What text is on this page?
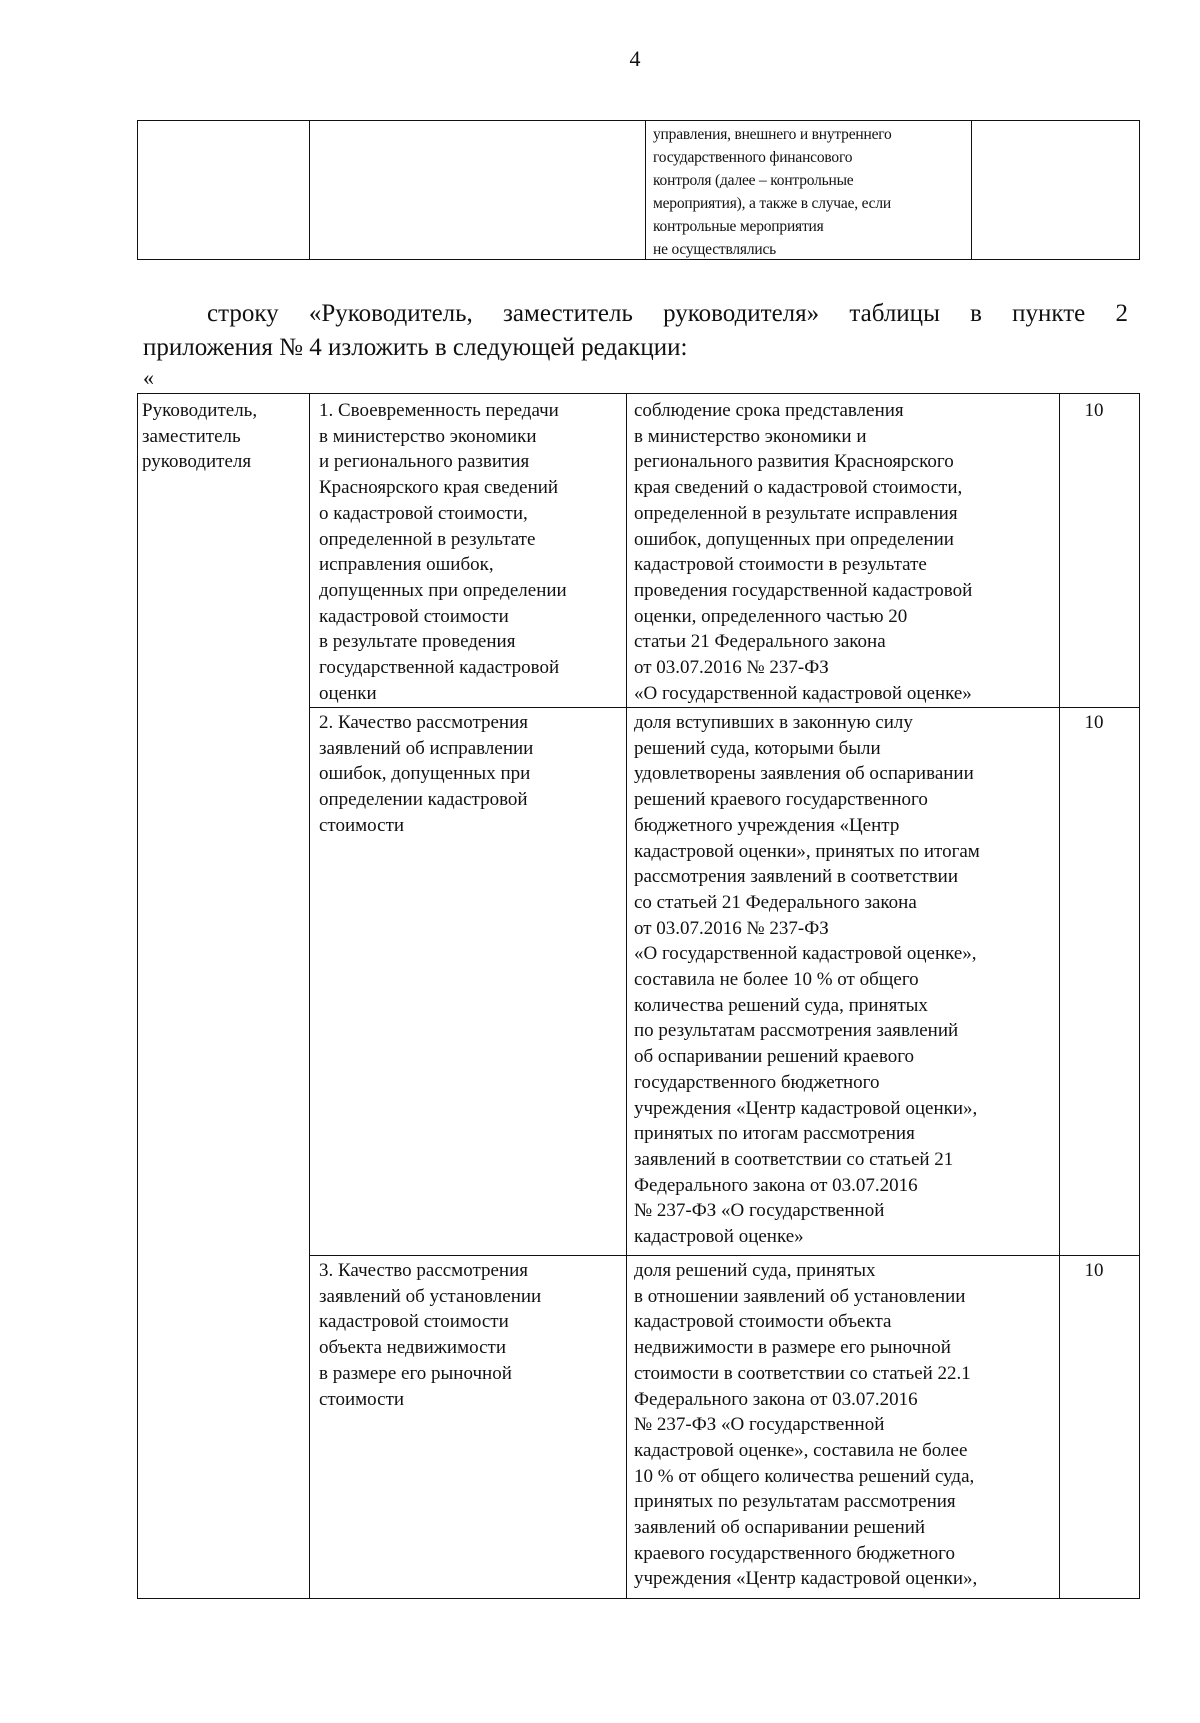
4
управления, внешнего и внутреннего
государственного финансового
контроля (далее – контрольные
мероприятия), а также в случае, если
контрольные мероприятия
не осуществлялись
строку «Руководитель, заместитель руководителя» таблицы в пункте 2
приложения № 4 изложить в следующей редакции:
«
Руководитель,
заместитель
руководителя
1. Своевременность передачи
в министерство экономики
и регионального развития
Красноярского края сведений
о кадастровой стоимости,
определенной в результате
исправления ошибок,
допущенных при определении
кадастровой стоимости
в результате проведения
государственной кадастровой
оценки
соблюдение срока представления
в министерство экономики и
регионального развития Красноярского
края сведений о кадастровой стоимости,
определенной в результате исправления
ошибок, допущенных при определении
кадастровой стоимости в результате
проведения государственной кадастровой
оценки, определенного частью 20
статьи 21 Федерального закона
от 03.07.2016 № 237-ФЗ
«О государственной кадастровой оценке»
10
2. Качество рассмотрения
заявлений об исправлении
ошибок, допущенных при
определении кадастровой
стоимости
доля вступивших в законную силу
решений суда, которыми были
удовлетворены заявления об оспаривании
решений краевого государственного
бюджетного учреждения «Центр
кадастровой оценки», принятых по итогам
рассмотрения заявлений в соответствии
со статьей 21 Федерального закона
от 03.07.2016 № 237-ФЗ
«О государственной кадастровой оценке»,
составила не более 10 % от общего
количества решений суда, принятых
по результатам рассмотрения заявлений
об оспаривании решений краевого
государственного бюджетного
учреждения «Центр кадастровой оценки»,
принятых по итогам рассмотрения
заявлений в соответствии со статьей 21
Федерального закона от 03.07.2016
№ 237-ФЗ «О государственной
кадастровой оценке»
10
3. Качество рассмотрения
заявлений об установлении
кадастровой стоимости
объекта недвижимости
в размере его рыночной
стоимости
доля решений суда, принятых
в отношении заявлений об установлении
кадастровой стоимости объекта
недвижимости в размере его рыночной
стоимости в соответствии со статьей 22.1
Федерального закона от 03.07.2016
№ 237-ФЗ «О государственной
кадастровой оценке», составила не более
10 % от общего количества решений суда,
принятых по результатам рассмотрения
заявлений об оспаривании решений
краевого государственного бюджетного
учреждения «Центр кадастровой оценки»,
10
